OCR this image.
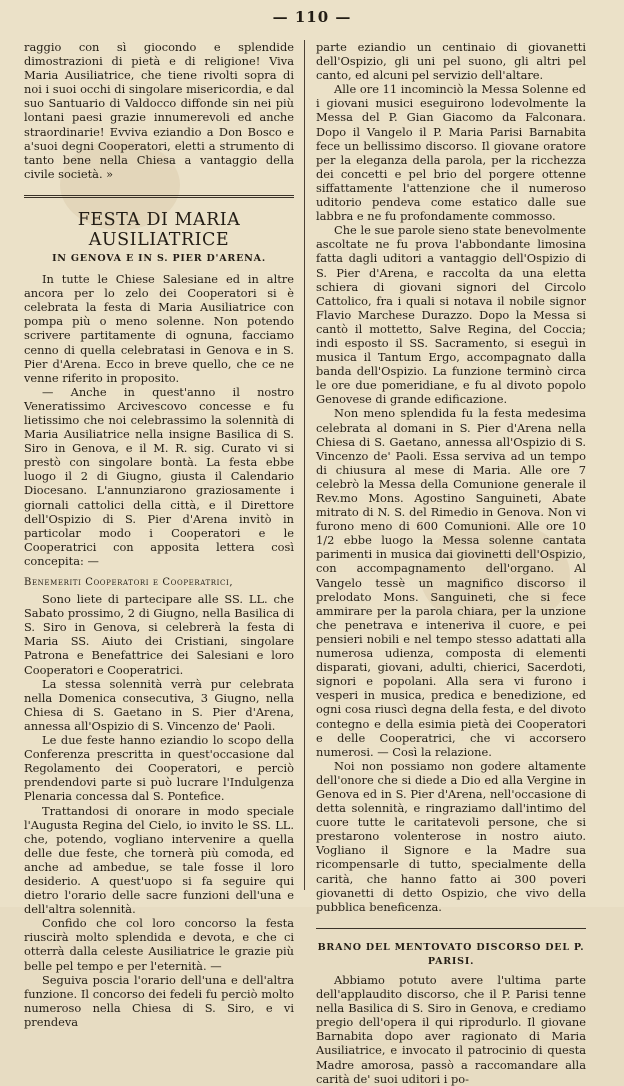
— 110 —

raggio con sì giocondo e splendide dimostrazioni di pietà e di religione! Viva Maria Ausiliatrice, che tiene rivolti sopra di noi i suoi occhi di singolare misericordia, e dal suo Santuario di Valdocco diffonde sin nei più lontani paesi grazie innumerevoli ed anche straordinarie! Evviva eziandio a Don Bosco e a'suoi degni Cooperatori, eletti a strumento di tanto bene nella Chiesa a vantaggio della civile società. »

FESTA DI MARIA AUSILIATRICE
IN GENOVA E IN S. PIER D'ARENA.

In tutte le Chiese Salesiane ed in altre ancora per lo zelo dei Cooperatori si è celebrata la festa di Maria Ausiliatrice con pompa più o meno solenne. Non potendo scrivere partitamente di ognuna, facciamo cenno di quella celebratasi in Genova e in S. Pier d'Arena. Ecco in breve quello, che ce ne venne riferito in proposito.

— Anche in quest'anno il nostro Veneratissimo Arcivescovo concesse e fu lietissimo che noi celebrassimo la solennità di Maria Ausiliatrice nella insigne Basilica di S. Siro in Genova, e il M. R. sig. Curato vi si prestò con singolare bontà. La festa ebbe luogo il 2 di Giugno, giusta il Calendario Diocesano. L'annunziarono graziosamente i giornali cattolici della città, e il Direttore dell'Ospizio di S. Pier d'Arena invitò in particolar modo i Cooperatori e le Cooperatrici con apposita lettera così concepita: —

Benemeriti Cooperatori e Cooperatrici,

Sono liete di partecipare alle SS. LL. che Sabato prossimo, 2 di Giugno, nella Basilica di S. Siro in Genova, si celebrerà la festa di Maria SS. Aiuto dei Cristiani, singolare Patrona e Benefattrice dei Salesiani e loro Cooperatori e Cooperatrici.

La stessa solennità verrà pur celebrata nella Domenica consecutiva, 3 Giugno, nella Chiesa di S. Gaetano in S. Pier d'Arena, annessa all'Ospizio di S. Vincenzo de' Paoli.

Le due feste hanno eziandio lo scopo della Conferenza prescritta in quest'occasione dal Regolamento dei Cooperatori, e perciò prendendovi parte si può lucrare l'Indulgenza Plenaria concessa dal S. Pontefice.

Trattandosi di onorare in modo speciale l'Augusta Regina del Cielo, io invito le SS. LL. che, potendo, vogliano intervenire a quella delle due feste, che tornerà più comoda, ed anche ad ambedue, se tale fosse il loro desiderio. A quest'uopo si fa seguire qui dietro l'orario delle sacre funzioni dell'una e dell'altra solennità.

Confido che col loro concorso la festa riuscirà molto splendida e devota, e che ci otterrà dalla celeste Ausiliatrice le grazie più belle pel tempo e per l'eternità. —

Seguiva poscia l'orario dell'una e dell'altra funzione. Il concorso dei fedeli fu perciò molto numeroso nella Chiesa di S. Siro, e vi prendeva

parte eziandio un centinaio di giovanetti dell'Ospizio, gli uni pel suono, gli altri pel canto, ed alcuni pel servizio dell'altare.

Alle ore 11 incominciò la Messa Solenne ed i giovani musici eseguirono lodevolmente la Messa del P. Gian Giacomo da Falconara. Dopo il Vangelo il P. Maria Parisi Barnabita fece un bellissimo discorso. Il giovane oratore per la eleganza della parola, per la ricchezza dei concetti e pel brio del porgere ottenne siffattamente l'attenzione che il numeroso uditorio pendeva come estatico dalle sue labbra e ne fu profondamente commosso.

Che le sue parole sieno state benevolmente ascoltate ne fu prova l'abbondante limosina fatta dagli uditori a vantaggio dell'Ospizio di S. Pier d'Arena, e raccolta da una eletta schiera di giovani signori del Circolo Cattolico, fra i quali si notava il nobile signor Flavio Marchese Durazzo. Dopo la Messa si cantò il mottetto, Salve Regina, del Coccia; indi esposto il SS. Sacramento, si eseguì in musica il Tantum Ergo, accompagnato dalla banda dell'Ospizio. La funzione terminò circa le ore due pomeridiane, e fu al divoto popolo Genovese di grande edificazione.

Non meno splendida fu la festa medesima celebrata al domani in S. Pier d'Arena nella Chiesa di S. Gaetano, annessa all'Ospizio di S. Vincenzo de' Paoli. Essa serviva ad un tempo di chiusura al mese di Maria. Alle ore 7 celebrò la Messa della Comunione generale il Rev.mo Mons. Agostino Sanguineti, Abate mitrato di N. S. del Rimedio in Genova. Non vi furono meno di 600 Comunioni. Alle ore 10 1/2 ebbe luogo la Messa solenne cantata parimenti in musica dai giovinetti dell'Ospizio, con accompagnamento dell'organo. Al Vangelo tessè un magnifico discorso il prelodato Mons. Sanguineti, che si fece ammirare per la parola chiara, per la unzione che penetrava e inteneriva il cuore, e pei pensieri nobili e nel tempo stesso adattati alla numerosa udienza, composta di elementi disparati, giovani, adulti, chierici, Sacerdoti, signori e popolani. Alla sera vi furono i vesperi in musica, predica e benedizione, ed ogni cosa riuscì degna della festa, e del divoto contegno e della esimia pietà dei Cooperatori e delle Cooperatrici, che vi accorsero numerosi. — Così la relazione.

Noi non possiamo non godere altamente dell'onore che si diede a Dio ed alla Vergine in Genova ed in S. Pier d'Arena, nell'occasione di detta solennità, e ringraziamo dall'intimo del cuore tutte le caritatevoli persone, che si prestarono volenterose in nostro aiuto. Vogliano il Signore e la Madre sua ricompensarle di tutto, specialmente della carità, che hanno fatto ai 300 poveri giovanetti di detto Ospizio, che vivo della pubblica beneficenza.

BRANO DEL MENTOVATO DISCORSO DEL P. PARISI.

Abbiamo potuto avere l'ultima parte dell'applaudito discorso, che il P. Parisi tenne nella Basilica di S. Siro in Genova, e crediamo pregio dell'opera il qui riprodurlo. Il giovane Barnabita dopo aver ragionato di Maria Ausiliatrice, e invocato il patrocinio di questa Madre amorosa, passò a raccomandare alla carità de' suoi uditori i po-
